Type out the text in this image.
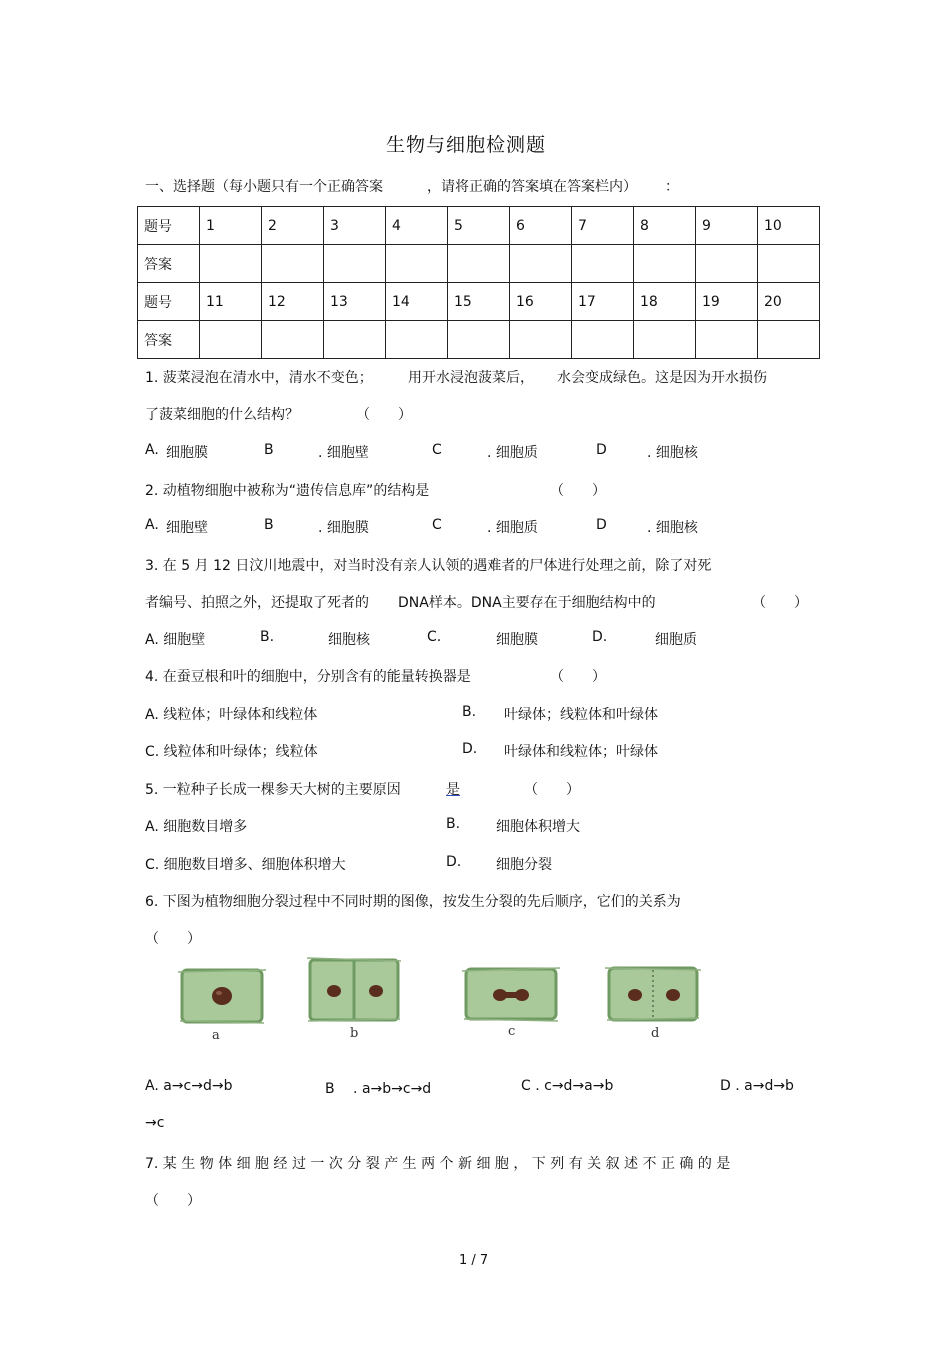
生物与细胞检测题
一、选择题（每小题只有一个正确答案	，请将正确的答案填在答案栏内） ：
题号	1	2	3	4	5	6	7	8	9	10
答案										
题号	11	12	13	14	15	16	17	18	19	20
答案										
1. 菠菜浸泡在清水中，清水不变色；	用开水浸泡菠菜后， 水会变成绿色。这是因为开水损伤
了菠菜细胞的什么结构？	（　　）
A. 细胞膜	B	. 细胞壁	C	. 细胞质	D	. 细胞核
2. 动植物细胞中被称为“遗传信息库”的结构是	（　　）
A. 细胞壁	B	. 细胞膜	C	. 细胞质	D	. 细胞核
3. 在 5 月 12 日汶川地震中，对当时没有亲人认领的遇难者的尸体进行处理之前，除了对死
者编号、拍照之外，还提取了死者的 DNA样本。DNA主要存在于细胞结构中的	（　　）
A. 细胞壁	B.	细胞核	C.	细胞膜	D.	细胞质
4. 在蚕豆根和叶的细胞中，分别含有的能量转换器是	（　　）
A. 线粒体；叶绿体和线粒体	B. 叶绿体；线粒体和叶绿体
C. 线粒体和叶绿体；线粒体	D. 叶绿体和线粒体；叶绿体
5. 一粒种子长成一棵参天大树的主要原因	是	（　　）
A. 细胞数目增多	B.	细胞体积增大
C. 细胞数目增多、细胞体积增大	D. 细胞分裂
6. 下图为植物细胞分裂过程中不同时期的图像，按发生分裂的先后顺序，它们的关系为
（　　）
a	b	c	d
A. a→c→d→b	B　 . a→b→c→d	C . c→d→a→b	D . a→d→b
→c
7. 某 生 物 体 细 胞 经 过 一 次 分 裂 产 生 两 个 新 细 胞 ， 下 列 有 关 叙 述 不 正 确 的 是
（　　）
1 / 7
